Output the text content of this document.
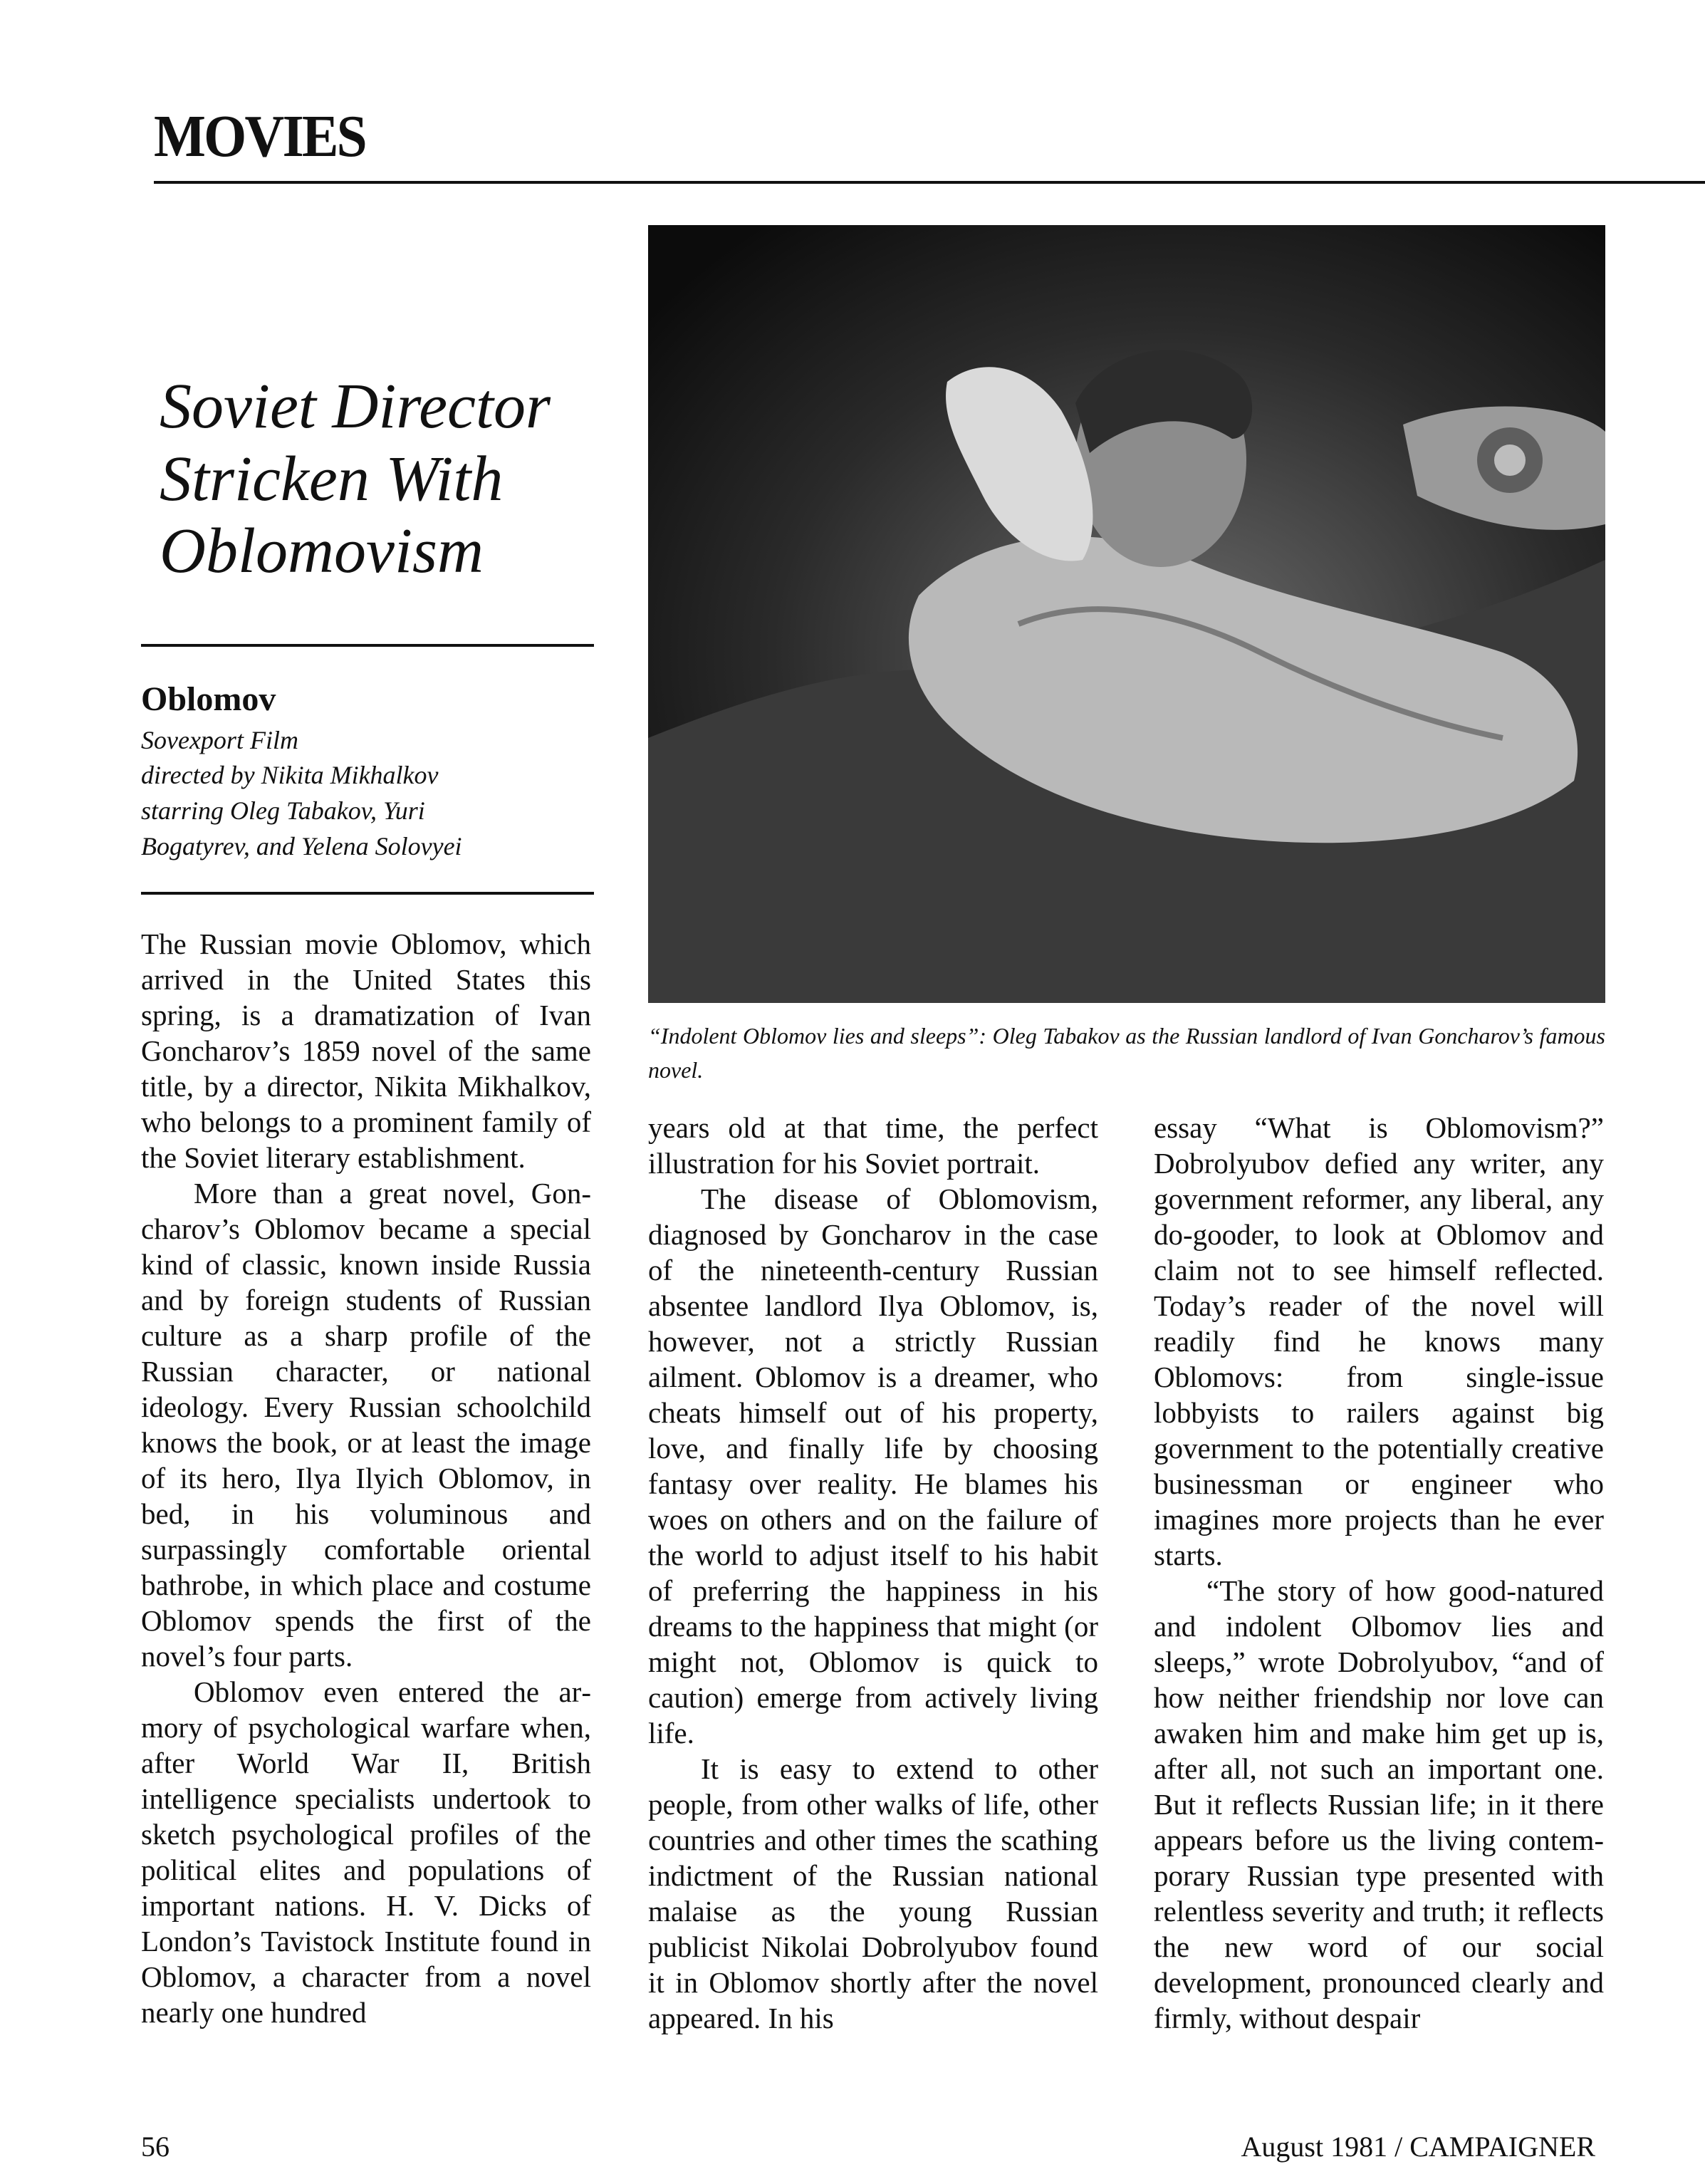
MOVIES
Soviet Director
Stricken With
Oblomovism
Oblomov
Sovexport Film
directed by Nikita Mikhalkov
starring Oleg Tabakov, Yuri
Bogatyrev, and Yelena Solovyei
“Indolent Oblomov lies and sleeps”: Oleg Tabakov as the Russian landlord of Ivan Goncharov’s famous novel.

The Russian movie Oblomov, which arrived in the United States this spring, is a dramatization of Ivan Goncharov’s 1859 novel of the same title, by a director, Nikita Mikhalkov, who belongs to a prominent family of the Soviet literary establishment.

More than a great novel, Goncharov’s Oblomov became a special kind of classic, known inside Russia and by foreign students of Russian culture as a sharp profile of the Russian character, or national ideology. Every Russian schoolchild knows the book, or at least the image of its hero, Ilya Ilyich Oblomov, in bed, in his voluminous and surpassingly comfortable oriental bathrobe, in which place and costume Oblomov spends the first of the novel’s four parts.

Oblomov even entered the armory of psychological warfare when, after World War II, British intelligence specialists undertook to sketch psychological profiles of the political elites and populations of important nations. H. V. Dicks of London’s Tavistock Institute found in Oblomov, a character from a novel nearly one hundred

years old at that time, the perfect illustration for his Soviet portrait.

The disease of Oblomovism, diagnosed by Goncharov in the case of the nineteenth-century Russian absentee landlord Ilya Oblomov, is, however, not a strictly Russian ailment. Oblomov is a dreamer, who cheats himself out of his property, love, and finally life by choosing fantasy over reality. He blames his woes on others and on the failure of the world to adjust itself to his habit of preferring the happiness in his dreams to the happiness that might (or might not, Oblomov is quick to caution) emerge from actively living life.

It is easy to extend to other people, from other walks of life, other countries and other times the scathing indictment of the Russian national malaise as the young Russian publicist Nikolai Dobrolyubov found it in Oblomov shortly after the novel appeared. In his

essay “What is Oblomovism?” Dobrolyubov defied any writer, any government reformer, any liberal, any do-gooder, to look at Oblomov and claim not to see himself reflected. Today’s reader of the novel will readily find he knows many Oblomovs: from single-issue lobbyists to railers against big government to the potentially creative businessman or engineer who imagines more projects than he ever starts.

“The story of how good-natured and indolent Olbomov lies and sleeps,” wrote Dobrolyubov, “and of how neither friendship nor love can awaken him and make him get up is, after all, not such an important one. But it reflects Russian life; in it there appears before us the living contemporary Russian type presented with relentless severity and truth; it reflects the new word of our social development, pronounced clearly and firmly, without despair

56	August 1981 / CAMPAIGNER
